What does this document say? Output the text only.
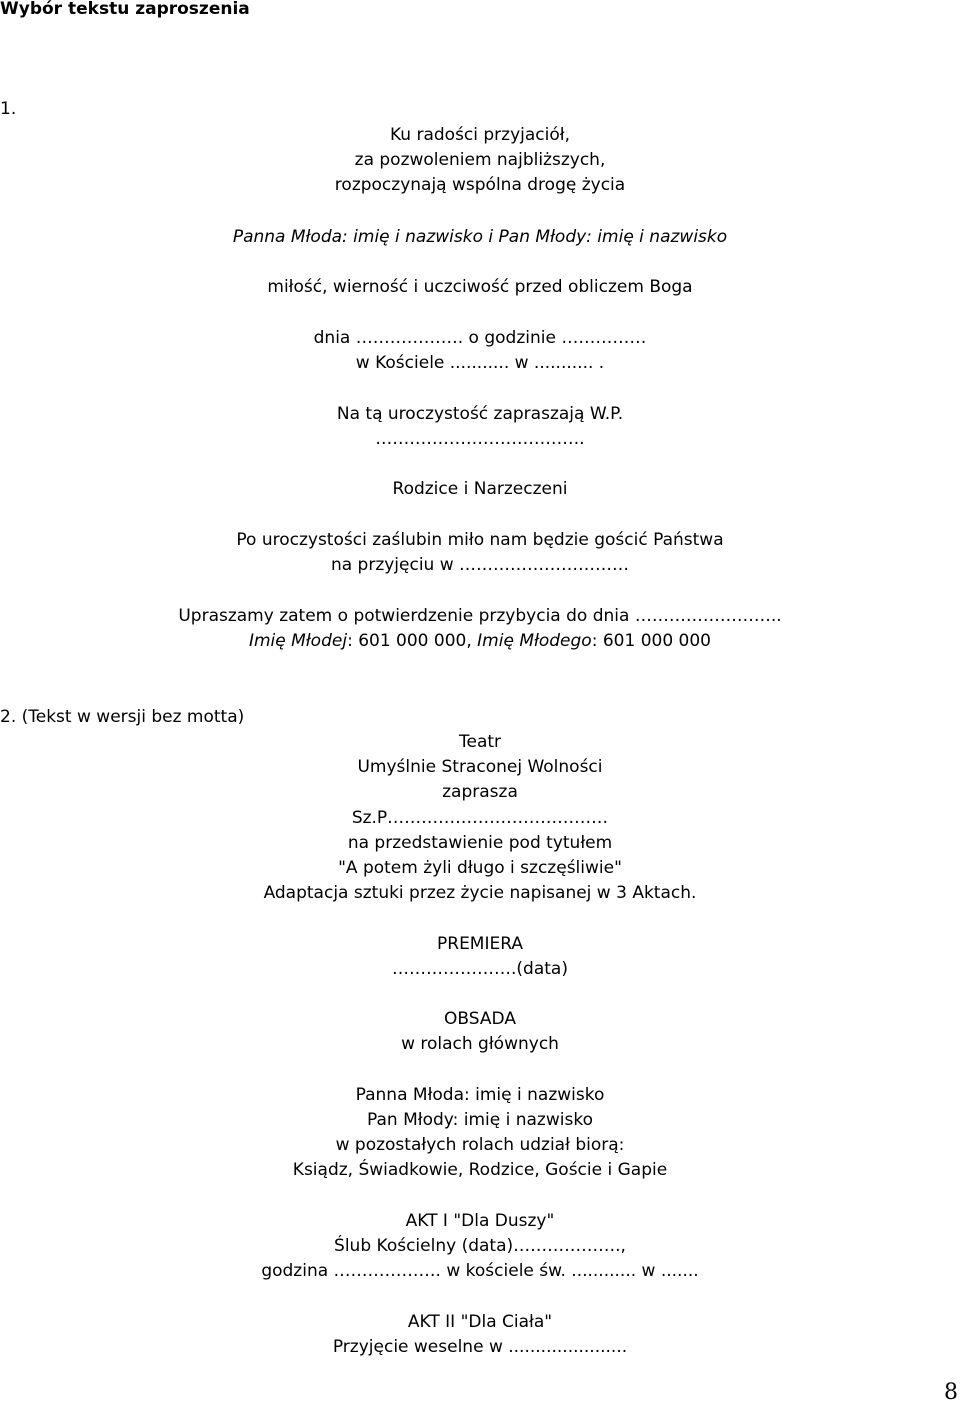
Wybór tekstu zaproszenia
1.
Ku radości przyjaciół,
za pozwoleniem najbliższych,
rozpoczynają wspólna drogę życia
Panna Młoda: imię i nazwisko i Pan Młody: imię i nazwisko
miłość, wierność i uczciwość przed obliczem Boga
dnia ………………. o godzinie ……………
w Kościele ........... w ........... .
Na tą uroczystość zapraszają W.P.
……………………………….
Rodzice i Narzeczeni
Po uroczystości zaślubin miło nam będzie gościć Państwa
na przyjęciu w …………………………
Upraszamy zatem o potwierdzenie przybycia do dnia ……………………..
Imię Młodej: 601 000 000, Imię Młodego: 601 000 000
2. (Tekst w wersji bez motta)
Teatr
Umyślnie Straconej Wolności
zaprasza
Sz.P…………………………………
na przedstawienie pod tytułem
"A potem żyli długo i szczęśliwie"
Adaptacja sztuki przez życie napisanej w 3 Aktach.
PREMIERA
………………….(data)
OBSADA
w rolach głównych
Panna Młoda: imię i nazwisko
Pan Młody: imię i nazwisko
w pozostałych rolach udział biorą:
Ksiądz, Świadkowie, Rodzice, Goście i Gapie
AKT I "Dla Duszy"
Ślub Kościelny (data)……………….,
godzina ………………. w kościele św. ............ w .......
AKT II "Dla Ciała"
Przyjęcie weselne w ......................
8
